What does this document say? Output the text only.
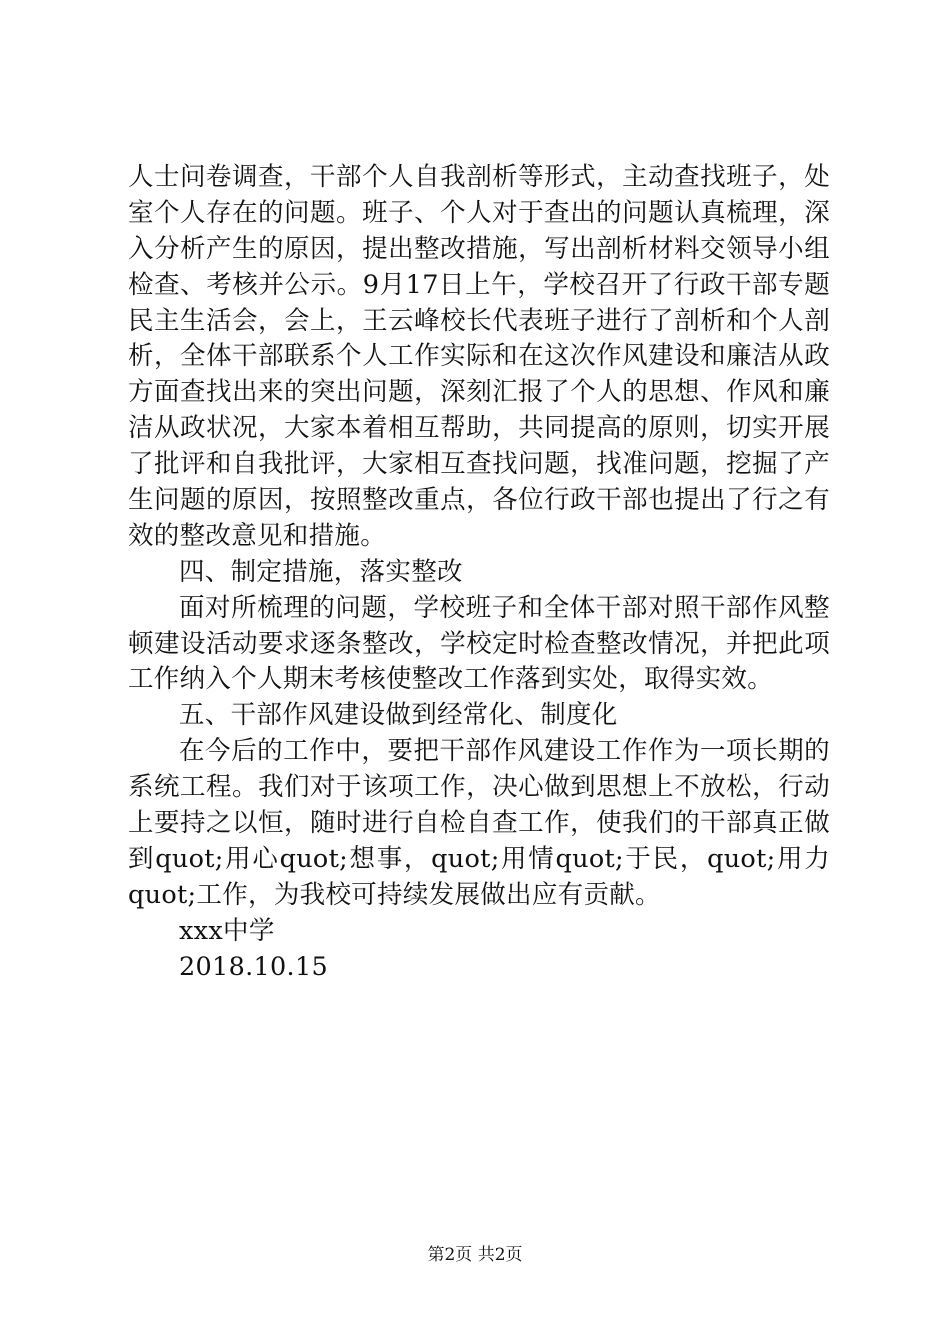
人士问卷调查，干部个人自我剖析等形式，主动查找班子，处
室个人存在的问题。班子、个人对于查出的问题认真梳理，深
入分析产生的原因，提出整改措施，写出剖析材料交领导小组
检查、考核并公示。9月17日上午，学校召开了行政干部专题
民主生活会，会上，王云峰校长代表班子进行了剖析和个人剖
析，全体干部联系个人工作实际和在这次作风建设和廉洁从政
方面查找出来的突出问题，深刻汇报了个人的思想、作风和廉
洁从政状况，大家本着相互帮助，共同提高的原则，切实开展
了批评和自我批评，大家相互查找问题，找准问题，挖掘了产
生问题的原因，按照整改重点，各位行政干部也提出了行之有
效的整改意见和措施。
四、制定措施，落实整改
面对所梳理的问题，学校班子和全体干部对照干部作风整
顿建设活动要求逐条整改，学校定时检查整改情况，并把此项
工作纳入个人期末考核使整改工作落到实处，取得实效。
五、干部作风建设做到经常化、制度化
在今后的工作中，要把干部作风建设工作作为一项长期的
系统工程。我们对于该项工作，决心做到思想上不放松，行动
上要持之以恒，随时进行自检自查工作，使我们的干部真正做
到quot;用心quot;想事，quot;用情quot;于民，quot;用力
quot;工作，为我校可持续发展做出应有贡献。
xxx中学
2018.10.15
第2页 共2页
